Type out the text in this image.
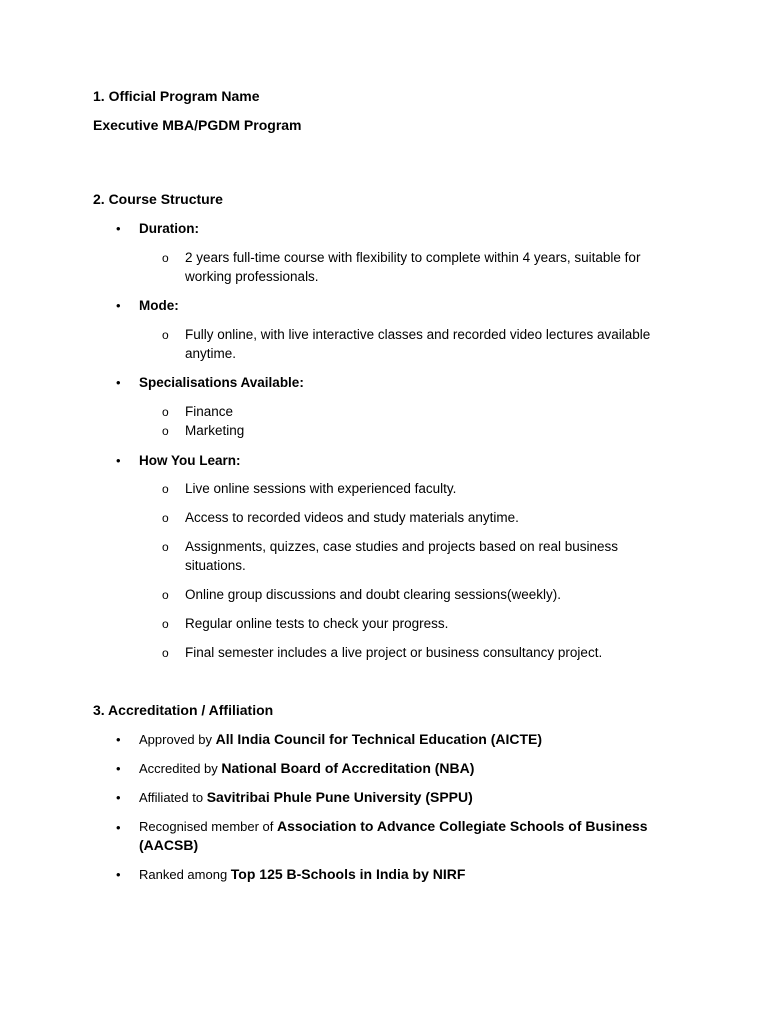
1. Official Program Name
Executive MBA/PGDM Program
2. Course Structure
• Duration:
o 2 years full-time course with flexibility to complete within 4 years, suitable for
working professionals.
• Mode:
o Fully online, with live interactive classes and recorded video lectures available
anytime.
• Specialisations Available:
o Finance
o Marketing
• How You Learn:
o Live online sessions with experienced faculty.
o Access to recorded videos and study materials anytime.
o Assignments, quizzes, case studies and projects based on real business
situations.
o Online group discussions and doubt clearing sessions(weekly).
o Regular online tests to check your progress.
o Final semester includes a live project or business consultancy project.
3. Accreditation / Affiliation
• Approved by All India Council for Technical Education (AICTE)
• Accredited by National Board of Accreditation (NBA)
• Affiliated to Savitribai Phule Pune University (SPPU)
• Recognised member of Association to Advance Collegiate Schools of Business
(AACSB)
• Ranked among Top 125 B-Schools in India by NIRF
